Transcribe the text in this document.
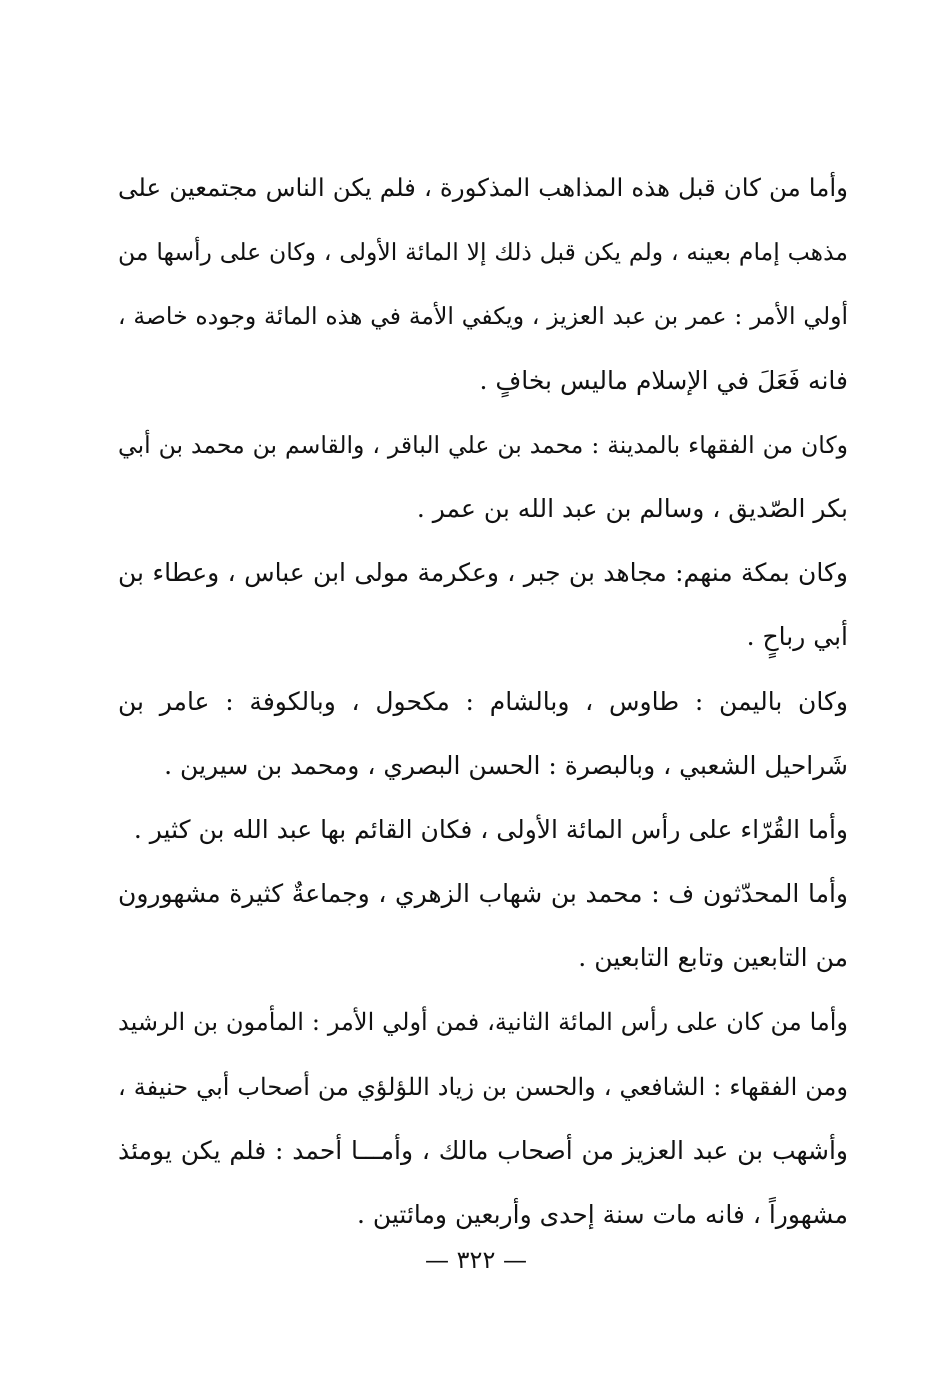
وأما من كان قبل هذه المذاهب المذكورة ، فلم يكن الناس مجتمعين على
مذهب إمام بعينه ، ولم يكن قبل ذلك إلا المائة الأولى ، وكان على رأسها من
أولي الأمر : عمر بن عبد العزيز ، ويكفي الأمة في هذه المائة وجوده خاصة ،
فانه فَعَلَ في الإسلام ماليس بخافٍ .
وكان من الفقهاء بالمدينة : محمد بن علي الباقر ، والقاسم بن محمد بن أبي
بكر الصّديق ، وسالم بن عبد الله بن عمر .
وكان بمكة منهم: مجاهد بن جبر ، وعكرمة مولى ابن عباس ، وعطاء بن
أبي رباحٍ .
وكان باليمن : طاوس ، وبالشام : مكحول ، وبالكوفة : عامر بن
شَراحيل الشعبي ، وبالبصرة : الحسن البصري ، ومحمد بن سيرين .
وأما القُرّاء على رأس المائة الأولى ، فكان القائم بها عبد الله بن كثير .
وأما المحدّثون ف : محمد بن شهاب الزهري ، وجماعةٌ كثيرة مشهورون
من التابعين وتابع التابعين .
وأما من كان على رأس المائة الثانية، فمن أولي الأمر : المأمون بن الرشيد
ومن الفقهاء : الشافعي ، والحسن بن زياد اللؤلؤي من أصحاب أبي حنيفة ،
وأشهب بن عبد العزيز من أصحاب مالك ، وأمـــا أحمد : فلم يكن يومئذ
مشهوراً ، فانه مات سنة إحدى وأربعين ومائتين .
— ٣٢٢ —
